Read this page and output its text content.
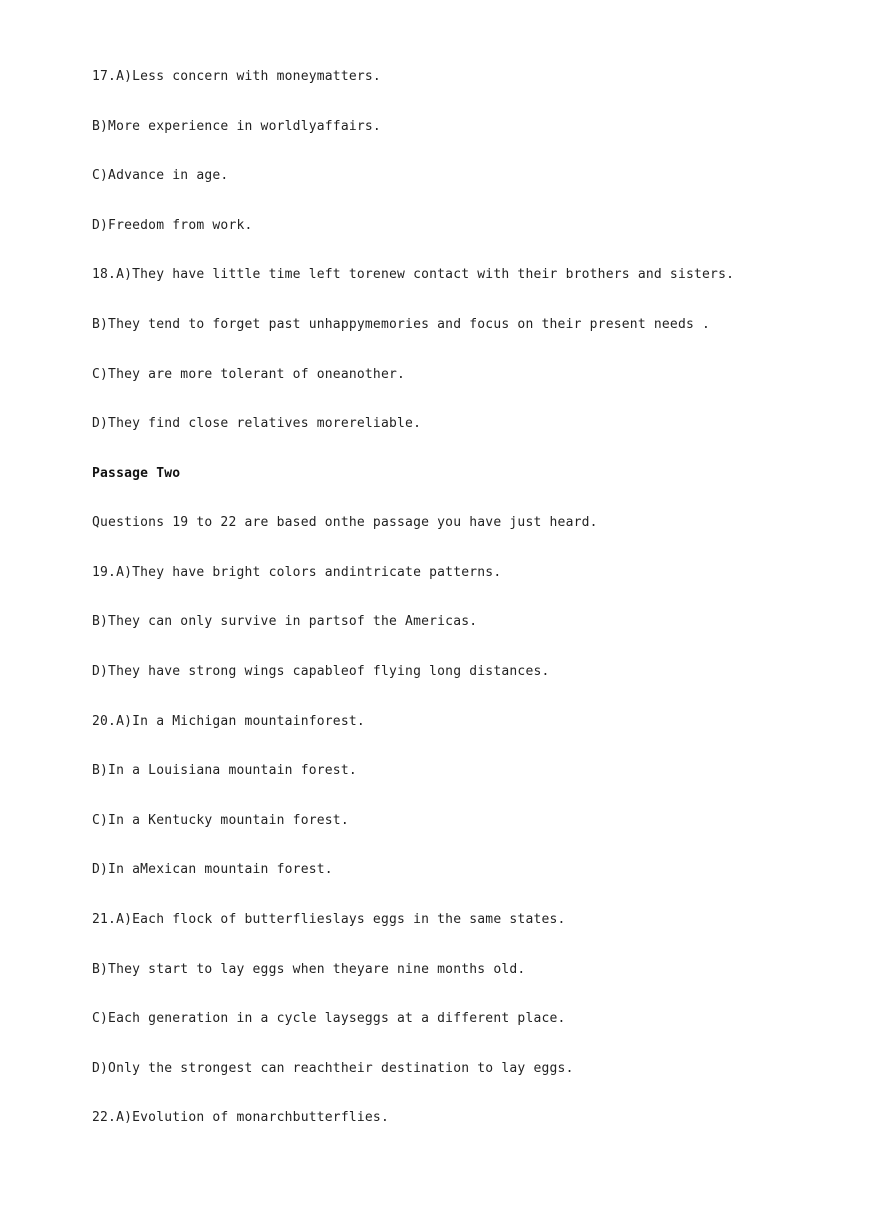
17.A)Less concern with moneymatters.
B)More experience in worldlyaffairs.
C)Advance in age.
D)Freedom from work.
18.A)They have little time left torenew contact with their brothers and sisters.
B)They tend to forget past unhappymemories and focus on their present needs .
C)They are more tolerant of oneanother.
D)They find close relatives morereliable.
Passage Two
Questions 19 to 22 are based onthe passage you have just heard.
19.A)They have bright colors andintricate patterns.
B)They can only survive in partsof the Americas.
D)They have strong wings capableof flying long distances.
20.A)In a Michigan mountainforest.
B)In a Louisiana mountain forest.
C)In a Kentucky mountain forest.
D)In aMexican mountain forest.
21.A)Each flock of butterflieslays eggs in the same states.
B)They start to lay eggs when theyare nine months old.
C)Each generation in a cycle layseggs at a different place.
D)Only the strongest can reachtheir destination to lay eggs.
22.A)Evolution of monarchbutterflies.
